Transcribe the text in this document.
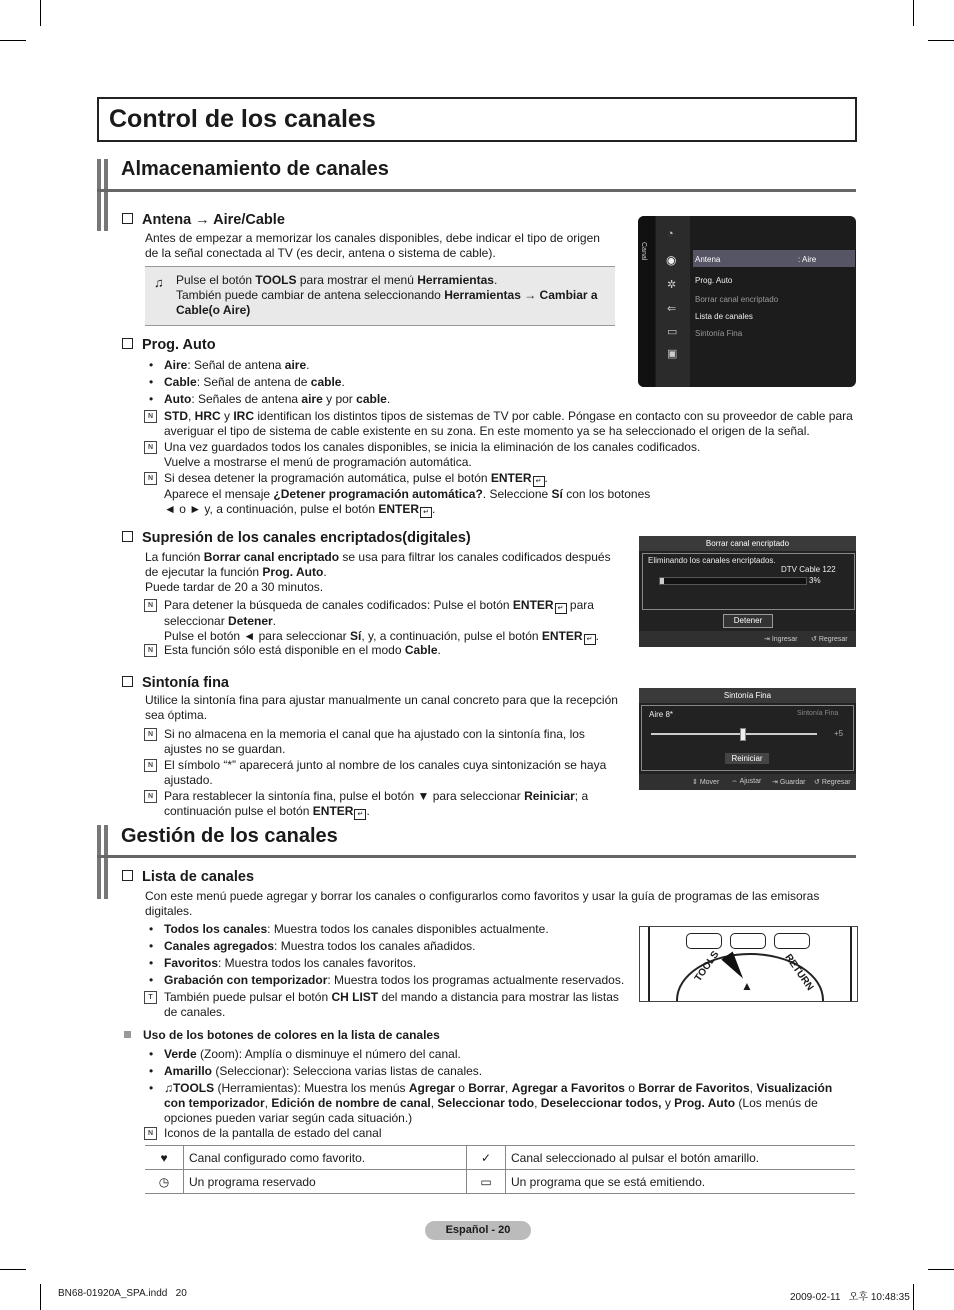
Control de los canales
Almacenamiento de canales
Antena → Aire/Cable
Antes de empezar a memorizar los canales disponibles, debe indicar el tipo de origen de la señal conectada al TV (es decir, antena o sistema de cable).
♫ Pulse el botón TOOLS para mostrar el menú Herramientas.
También puede cambiar de antena seleccionando Herramientas → Cambiar a Cable(o Aire)
Canal
◔
◉
✲
⇐
▭
▣
Antena	: Aire
Prog. Auto
Borrar canal encriptado
Lista de canales
Sintonía Fina
Prog. Auto
• Aire: Señal de antena aire.
• Cable: Señal de antena de cable.
• Auto: Señales de antena aire y por cable.
N STD, HRC y IRC identifican los distintos tipos de sistemas de TV por cable. Póngase en contacto con su proveedor de cable para averiguar el tipo de sistema de cable existente en su zona. En este momento ya se ha seleccionado el origen de la señal.
N Una vez guardados todos los canales disponibles, se inicia la eliminación de los canales codificados.
Vuelve a mostrarse el menú de programación automática.
N Si desea detener la programación automática, pulse el botón ENTER ↵ .
Aparece el mensaje ¿Detener programación automática?. Seleccione Sí con los botones
◄ o ► y, a continuación, pulse el botón ENTER ↵ .
Supresión de los canales encriptados(digitales)
La función Borrar canal encriptado se usa para filtrar los canales codificados después de ejecutar la función Prog. Auto.
Puede tardar de 20 a 30 minutos.
N Para detener la búsqueda de canales codificados: Pulse el botón ENTER ↵ para seleccionar Detener.
Pulse el botón ◄ para seleccionar Sí, y, a continuación, pulse el botón ENTER ↵ .
N Esta función sólo está disponible en el modo Cable.
Borrar canal encriptado
Eliminando los canales encriptados.
DTV Cable 122
3%
Detener
⇥ Ingresar ↺ Regresar
Sintonía fina
Utilice la sintonía fina para ajustar manualmente un canal concreto para que la recepción sea óptima.
N Si no almacena en la memoria el canal que ha ajustado con la sintonía fina, los ajustes no se guardan.
N El símbolo “*” aparecerá junto al nombre de los canales cuya sintonización se haya ajustado.
N Para restablecer la sintonía fina, pulse el botón ▼ para seleccionar Reiniciar; a continuación pulse el botón ENTER ↵ .
Sintonía Fina
Aire 8*	Sintonía Fina
+5
Reiniciar
⇕ Mover ⇔ Ajustar ⇥ Guardar ↺ Regresar
Gestión de los canales
Lista de canales
Con este menú puede agregar y borrar los canales o configurarlos como favoritos y usar la guía de programas de las emisoras digitales.
• Todos los canales: Muestra todos los canales disponibles actualmente.
• Canales agregados: Muestra todos los canales añadidos.
• Favoritos: Muestra todos los canales favoritos.
• Grabación con temporizador: Muestra todos los programas actualmente reservados.
T También puede pulsar el botón CH LIST del mando a distancia para mostrar las listas de canales.
TOOLS	RETURN
▲
Uso de los botones de colores en la lista de canales
• Verde (Zoom): Amplía o disminuye el número del canal.
• Amarillo (Seleccionar): Selecciona varias listas de canales.
• ♫TOOLS (Herramientas): Muestra los menús Agregar o Borrar, Agregar a Favoritos o Borrar de Favoritos, Visualización con temporizador, Edición de nombre de canal, Seleccionar todo, Deseleccionar todos, y Prog. Auto (Los menús de opciones pueden variar según cada situación.)
N Iconos de la pantalla de estado del canal
♥	Canal configurado como favorito.	✓	Canal seleccionado al pulsar el botón amarillo.
◷	Un programa reservado	▭	Un programa que se está emitiendo.
Español - 20
BN68-01920A_SPA.indd   20	2009-02-11   오후 10:48:35
